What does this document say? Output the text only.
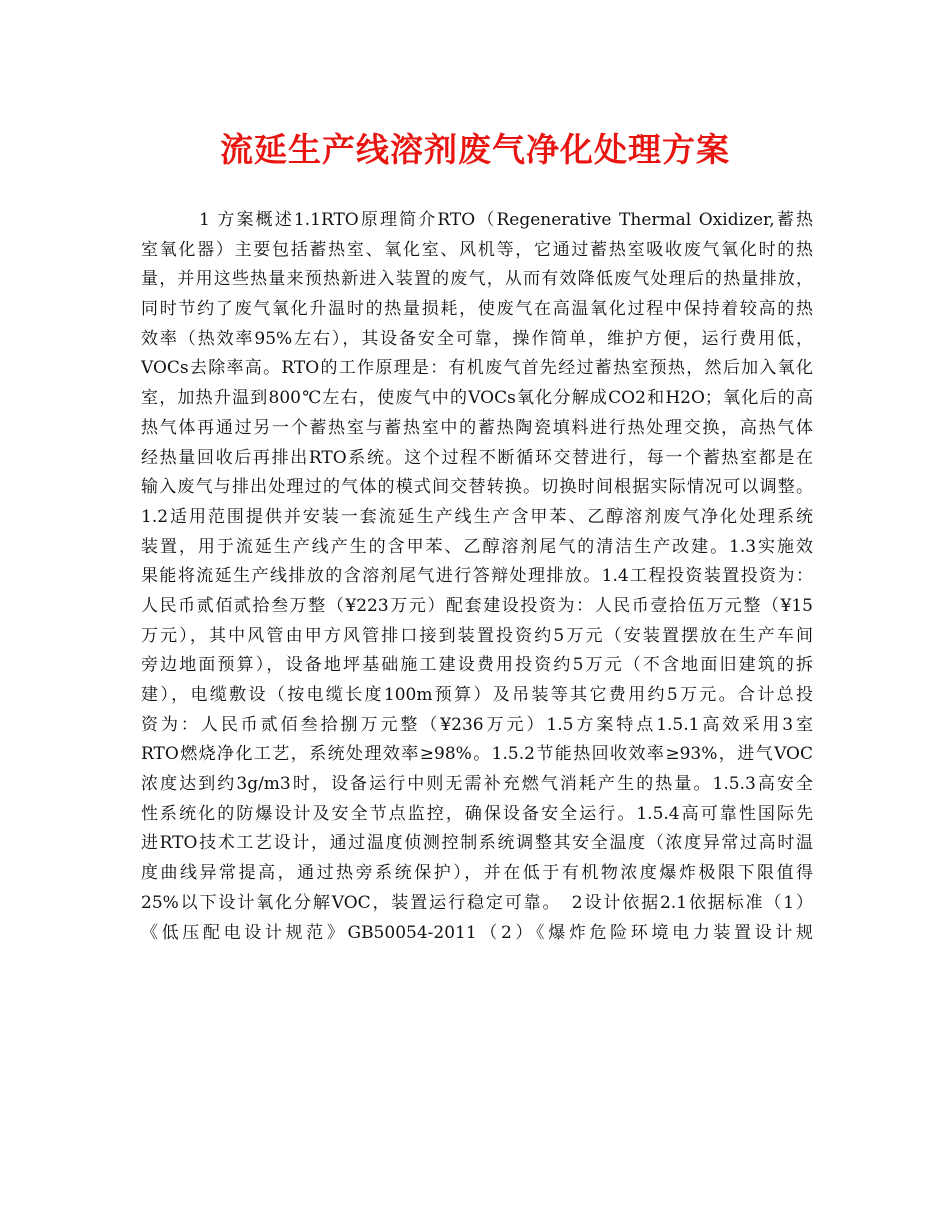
流延生产线溶剂废气净化处理方案
1 方案概述1.1RTO原理简介RTO（Regenerative Thermal Oxidizer,蓄热
室氧化器）主要包括蓄热室、氧化室、风机等，它通过蓄热室吸收废气氧化时的热
量，并用这些热量来预热新进入装置的废气，从而有效降低废气处理后的热量排放，
同时节约了废气氧化升温时的热量损耗，使废气在高温氧化过程中保持着较高的热
效率（热效率95%左右），其设备安全可靠，操作简单，维护方便，运行费用低，
VOCs去除率高。RTO的工作原理是：有机废气首先经过蓄热室预热，然后加入氧化
室，加热升温到800℃左右，使废气中的VOCs氧化分解成CO2和H2O；氧化后的高
热气体再通过另一个蓄热室与蓄热室中的蓄热陶瓷填料进行热处理交换，高热气体
经热量回收后再排出RTO系统。这个过程不断循环交替进行，每一个蓄热室都是在
输入废气与排出处理过的气体的模式间交替转换。切换时间根据实际情况可以调整。
1.2适用范围提供并安装一套流延生产线生产含甲苯、乙醇溶剂废气净化处理系统
装置，用于流延生产线产生的含甲苯、乙醇溶剂尾气的清洁生产改建。1.3实施效
果能将流延生产线排放的含溶剂尾气进行答辩处理排放。1.4工程投资装置投资为：
人民币贰佰贰拾叁万整（¥223万元）配套建设投资为：人民币壹拾伍万元整（¥15
万元），其中风管由甲方风管排口接到装置投资约5万元（安装置摆放在生产车间
旁边地面预算），设备地坪基础施工建设费用投资约5万元（不含地面旧建筑的拆
建），电缆敷设（按电缆长度100m预算）及吊装等其它费用约5万元。合计总投
资为：人民币贰佰叁拾捌万元整（¥236万元）1.5方案特点1.5.1高效采用3室
RTO燃烧净化工艺，系统处理效率≥98%。1.5.2节能热回收效率≥93%，进气VOC
浓度达到约3g/m3时，设备运行中则无需补充燃气消耗产生的热量。1.5.3高安全
性系统化的防爆设计及安全节点监控，确保设备安全运行。1.5.4高可靠性国际先
进RTO技术工艺设计，通过温度侦测控制系统调整其安全温度（浓度异常过高时温
度曲线异常提高，通过热旁系统保护），并在低于有机物浓度爆炸极限下限值得
25%以下设计氧化分解VOC，装置运行稳定可靠。　2设计依据2.1依据标准（1）
《低压配电设计规范》GB50054-2011（2）《爆炸危险环境电力装置设计规
